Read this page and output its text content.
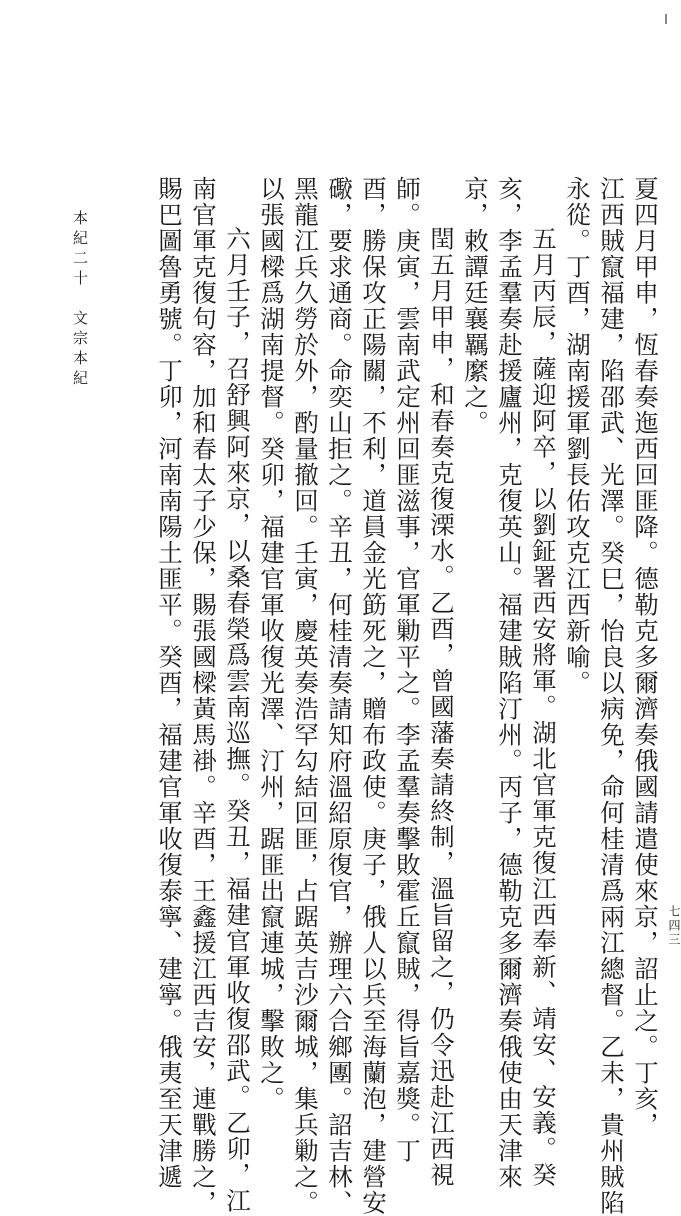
夏四月甲申，恆春奏迤西回匪降。德勒克多爾濟奏俄國請遣使來京，詔止之。丁亥，
江西賊竄福建，陷邵武、光澤。癸巳，怡良以病免，命何桂清爲兩江總督。乙未，貴州賊陷
永從。丁酉，湖南援軍劉長佑攻克江西新喻。
五月丙辰，薩迎阿卒，以劉鉦署西安將軍。湖北官軍克復江西奉新、靖安、安義。癸
亥，李孟羣奏赴援廬州，克復英山。福建賊陷汀州。丙子，德勒克多爾濟奏俄使由天津來
京，敕譚廷襄羈縻之。
閏五月甲申，和春奏克復溧水。乙酉，曾國藩奏請終制，溫旨留之，仍令迅赴江西視
師。庚寅，雲南武定州回匪滋事，官軍勦平之。李孟羣奏擊敗霍丘竄賊，得旨嘉獎。丁
酉，勝保攻正陽關，不利，道員金光筯死之，贈布政使。庚子，俄人以兵至海蘭泡，建營安
礮，要求通商。命奕山拒之。辛丑，何桂清奏請知府溫紹原復官，辦理六合鄉團。詔吉林、
黑龍江兵久勞於外，酌量撤回。壬寅，慶英奏浩罕勾結回匪，占踞英吉沙爾城，集兵勦之。
以張國樑爲湖南提督。癸卯，福建官軍收復光澤、汀州，踞匪出竄連城，擊敗之。
六月壬子，召舒興阿來京，以桑春榮爲雲南巡撫。癸丑，福建官軍收復邵武。乙卯，江
南官軍克復句容，加和春太子少保，賜張國樑黃馬褂。辛酉，王鑫援江西吉安，連戰勝之，
賜巴圖魯勇號。丁卯，河南南陽土匪平。癸酉，福建官軍收復泰寧、建寧。俄夷至天津遞
本紀二十　文宗本紀
七四三
